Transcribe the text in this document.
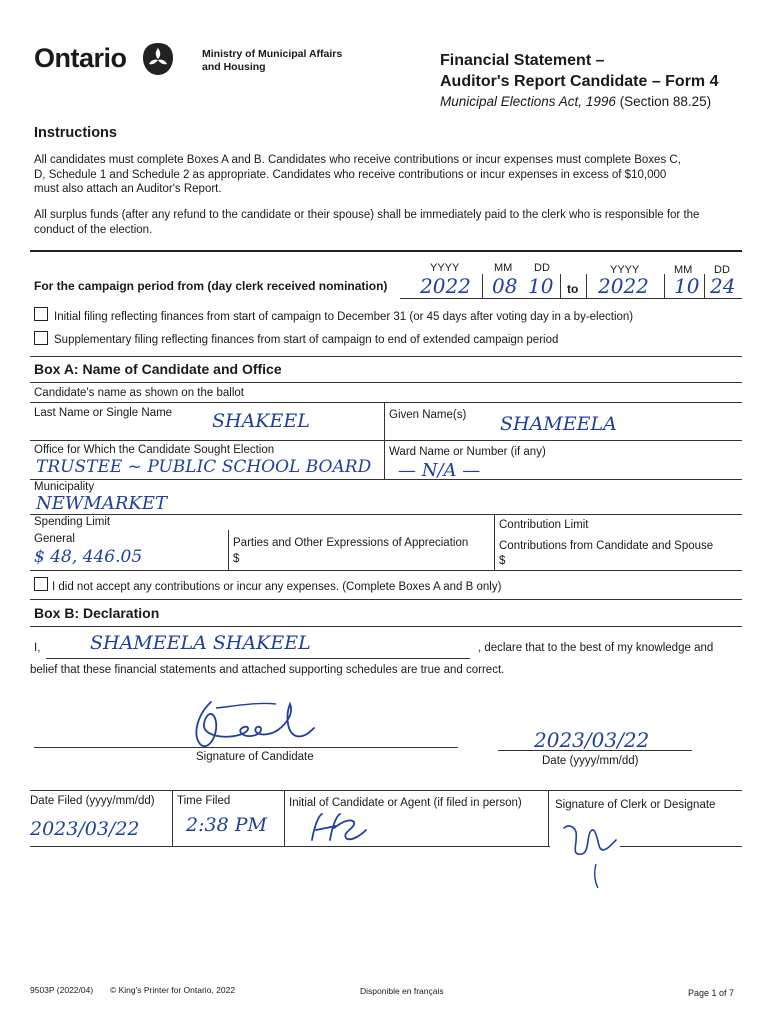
Ontario	Ministry of Municipal Affairs
and Housing	Financial Statement –
Auditor's Report Candidate – Form 4
Municipal Elections Act, 1996 (Section 88.25)
Instructions
All candidates must complete Boxes A and B. Candidates who receive contributions or incur expenses must complete Boxes C, D, Schedule 1 and Schedule 2 as appropriate. Candidates who receive contributions or incur expenses in excess of $10,000 must also attach an Auditor's Report.
All surplus funds (after any refund to the candidate or their spouse) shall be immediately paid to the clerk who is responsible for the conduct of the election.
For the campaign period from (day clerk received nomination)
YYYY	MM DD	YYYY	MM DD
2022 08 10 to 2022 10 24
Initial filing reflecting finances from start of campaign to December 31 (or 45 days after voting day in a by-election)
Supplementary filing reflecting finances from start of campaign to end of extended campaign period
Box A: Name of Candidate and Office
Candidate's name as shown on the ballot
Last Name or Single Name SHAKEEL	Given Name(s) SHAMEELA
Office for Which the Candidate Sought Election
TRUSTEE ~ PUBLIC SCHOOL BOARD
Ward Name or Number (if any)
— N/A —
Municipality
NEWMARKET
Spending Limit
General
$ 48, 446.05
Parties and Other Expressions of Appreciation
$
Contribution Limit
Contributions from Candidate and Spouse
$
I did not accept any contributions or incur any expenses. (Complete Boxes A and B only)
Box B: Declaration
I,	SHAMEELA SHAKEEL	, declare that to the best of my knowledge and
belief that these financial statements and attached supporting schedules are true and correct.
Signature of Candidate
2023/03/22
Date (yyyy/mm/dd)
Date Filed (yyyy/mm/dd)
2023/03/22
Time Filed
2:38 PM
Initial of Candidate or Agent (if filed in person)	Signature of Clerk or Designate
9503P (2022/04) © King's Printer for Ontario, 2022	Disponible en français	Page 1 of 7
